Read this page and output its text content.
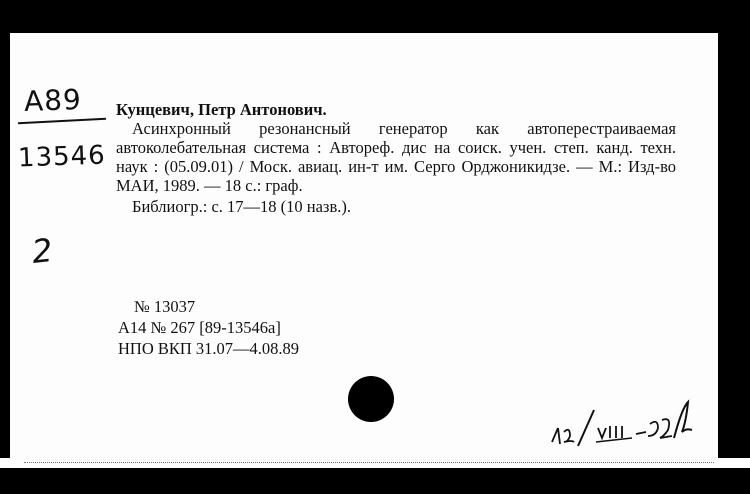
A89
13546
2
Кунцевич, Петр Антонович.
Асинхронный резонансный генератор как автоперестраиваемая автоколебательная система : Автореф. дис на соиск. учен. степ. канд. техн. наук : (05.09.01) / Моск. авиац. ин-т им. Серго Орджоникидзе. — М.: Изд-во МАИ, 1989. — 18 с.: граф.
Библиогр.: с. 17—18 (10 назв.).
№ 13037
А14 № 267 [89-13546а]
НПО ВКП 31.07—4.08.89
